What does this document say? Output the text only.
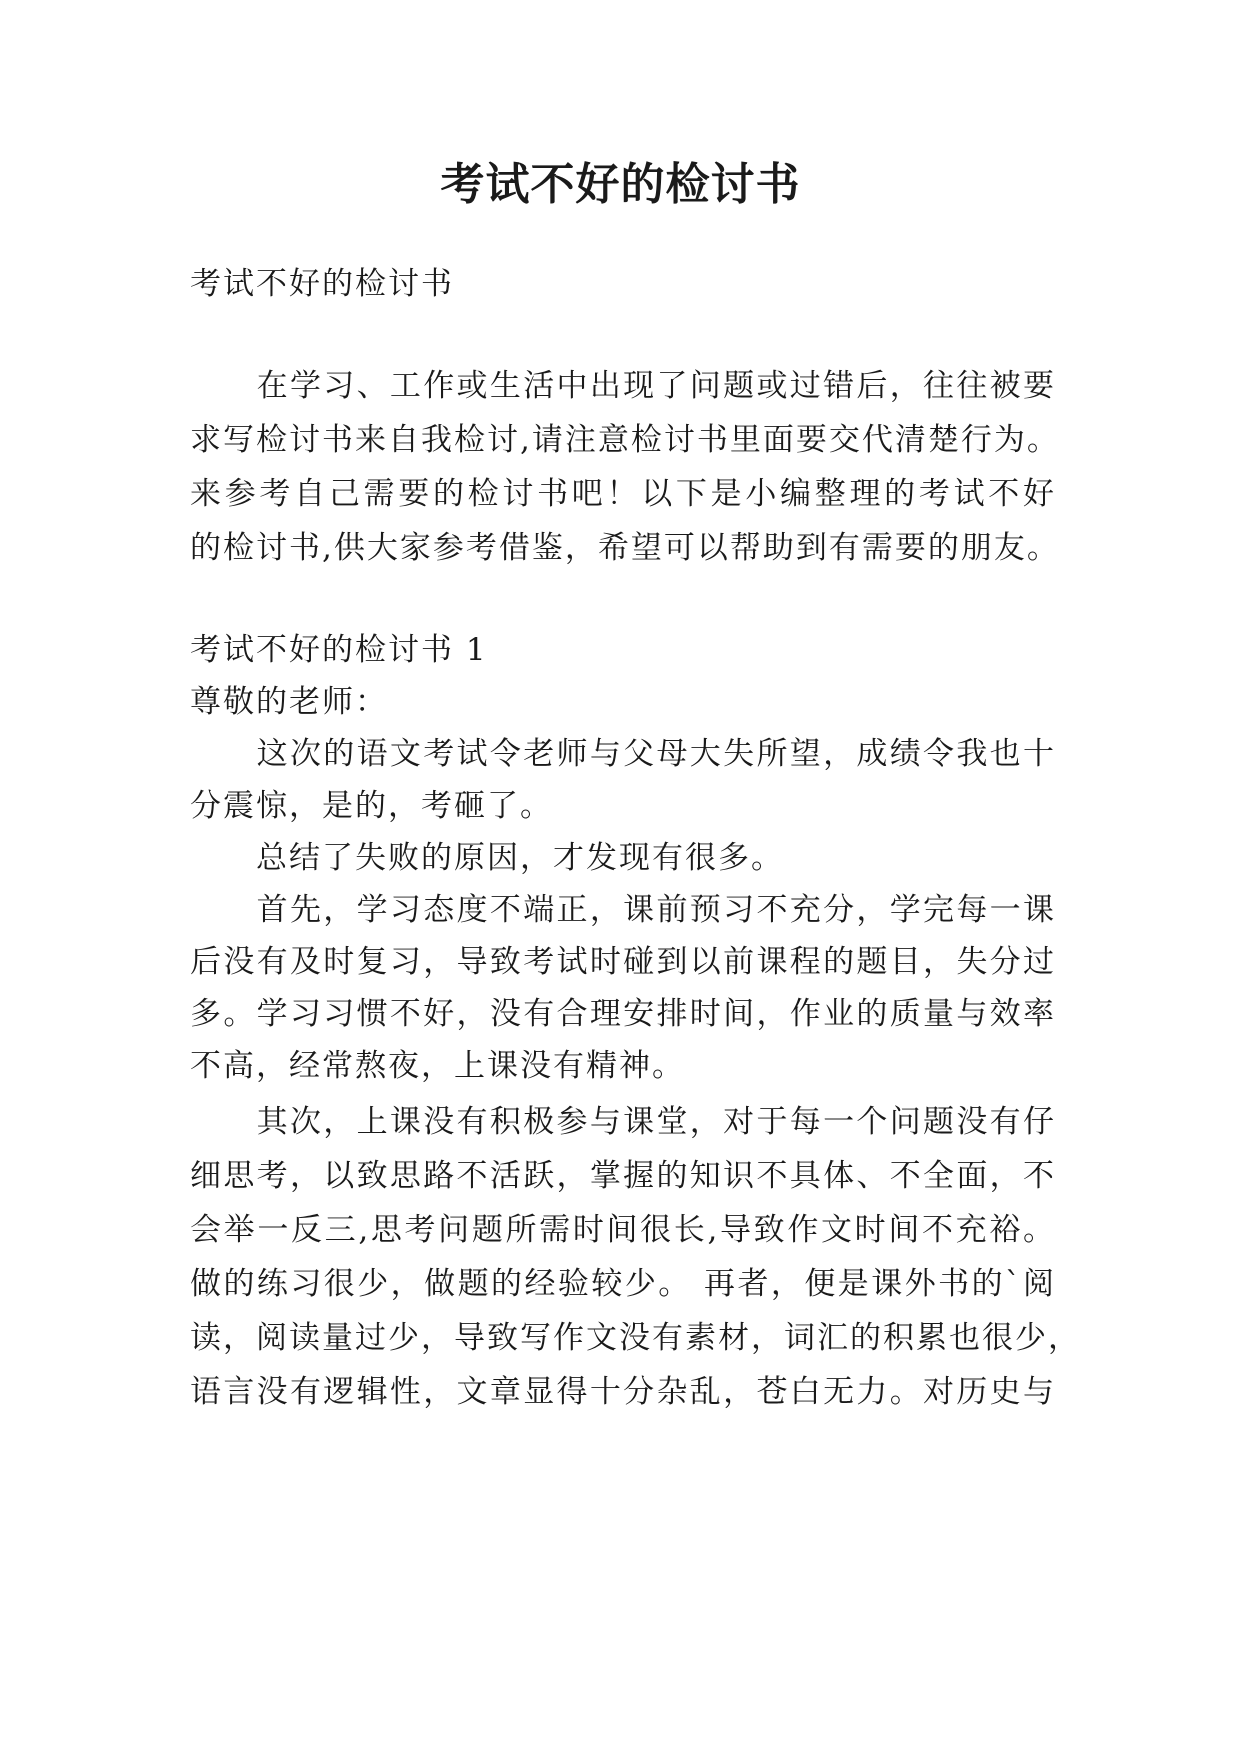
考试不好的检讨书
考试不好的检讨书
　　在学习、工作或生活中出现了问题或过错后，往往被要
求写检讨书来自我检讨,请注意检讨书里面要交代清楚行为。
来参考自己需要的检讨书吧！以下是小编整理的考试不好
的检讨书,供大家参考借鉴，希望可以帮助到有需要的朋友。
考试不好的检讨书 1
尊敬的老师：
　　这次的语文考试令老师与父母大失所望，成绩令我也十
分震惊，是的，考砸了。
　　总结了失败的原因，才发现有很多。
　　首先，学习态度不端正，课前预习不充分，学完每一课
后没有及时复习，导致考试时碰到以前课程的题目，失分过
多。学习习惯不好，没有合理安排时间，作业的质量与效率
不高，经常熬夜，上课没有精神。
　　其次，上课没有积极参与课堂，对于每一个问题没有仔
细思考，以致思路不活跃，掌握的知识不具体、不全面，不
会举一反三,思考问题所需时间很长,导致作文时间不充裕。
做的练习很少，做题的经验较少。 再者，便是课外书的`阅
读，阅读量过少，导致写作文没有素材，词汇的积累也很少，
语言没有逻辑性，文章显得十分杂乱，苍白无力。对历史与
